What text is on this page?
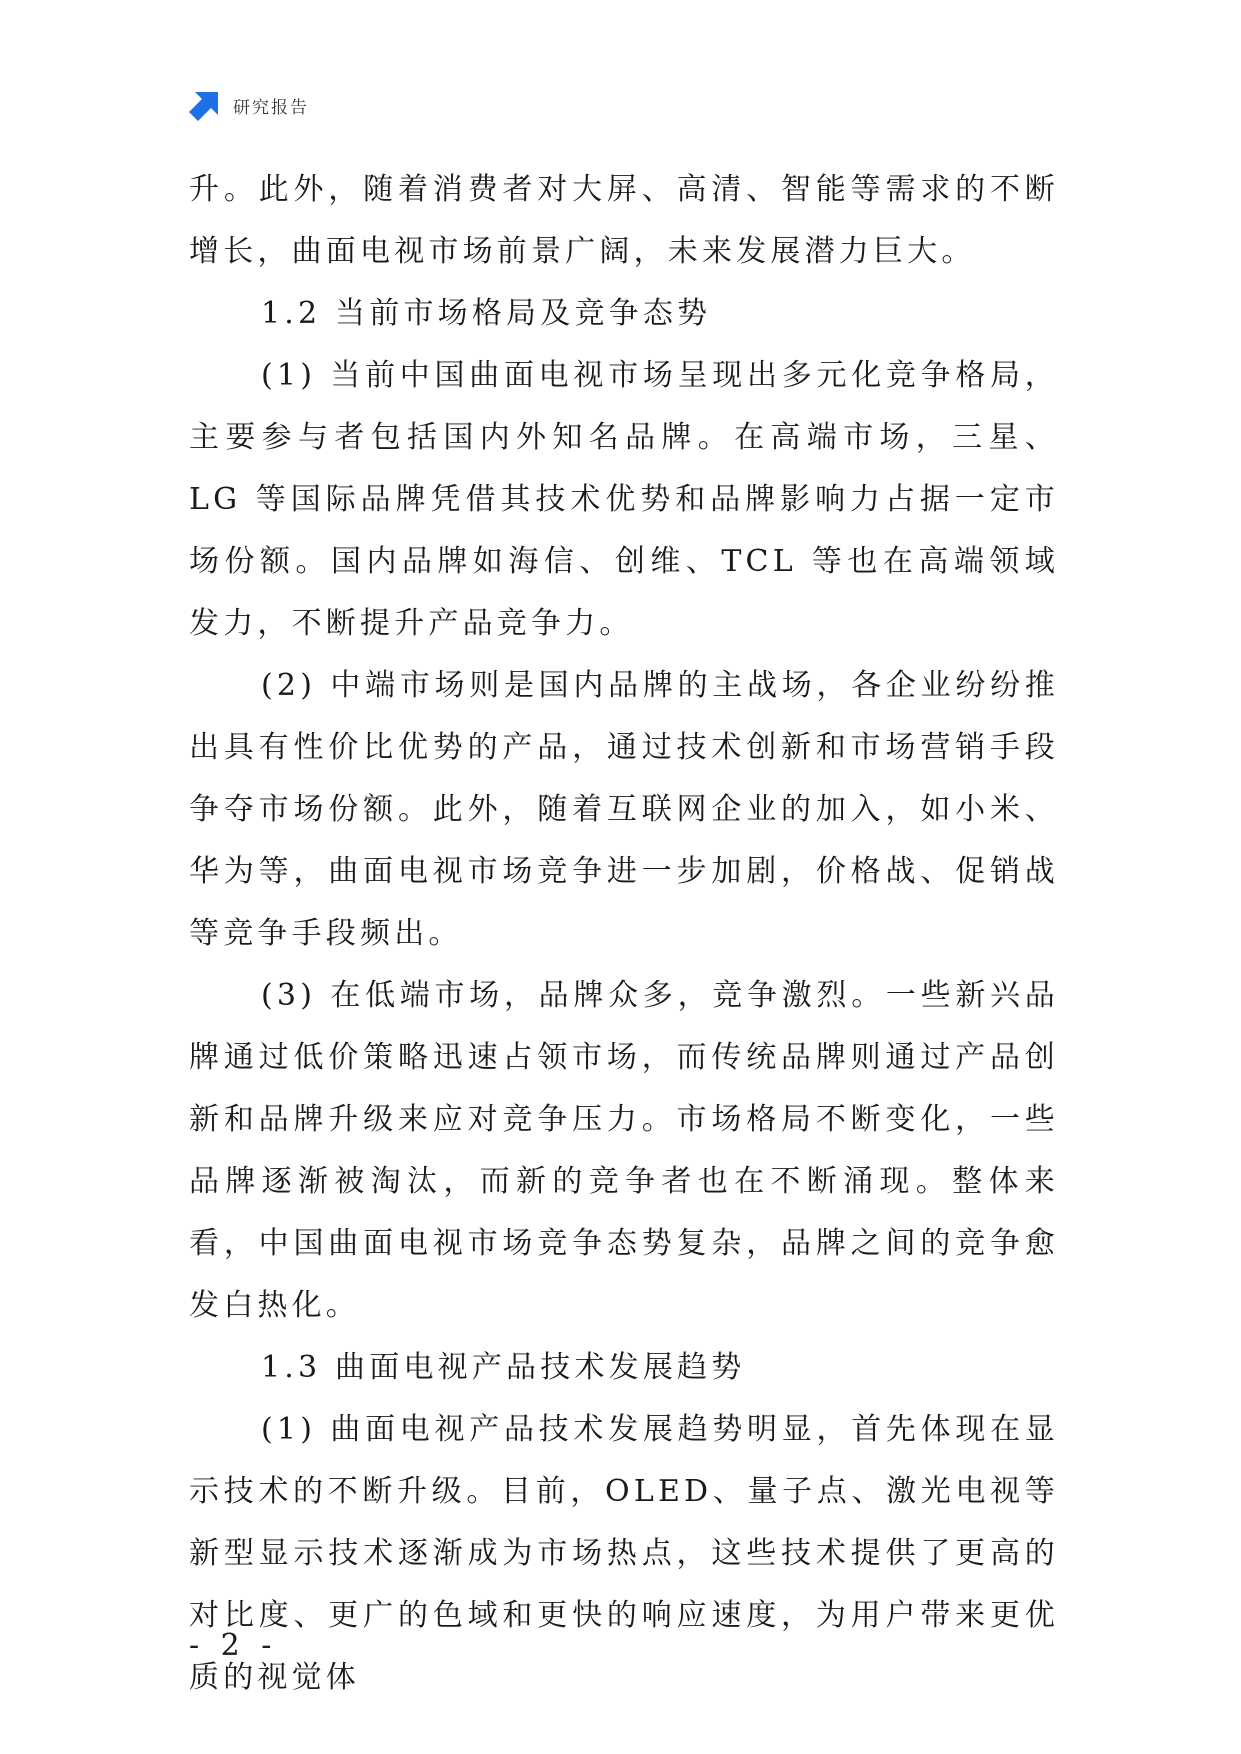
研究报告

升。此外，随着消费者对大屏、高清、智能等需求的不断增长，曲面电视市场前景广阔，未来发展潜力巨大。

1.2 当前市场格局及竞争态势

(1) 当前中国曲面电视市场呈现出多元化竞争格局，主要参与者包括国内外知名品牌。在高端市场，三星、LG 等国际品牌凭借其技术优势和品牌影响力占据一定市场份额。国内品牌如海信、创维、TCL 等也在高端领域发力，不断提升产品竞争力。

(2) 中端市场则是国内品牌的主战场，各企业纷纷推出具有性价比优势的产品，通过技术创新和市场营销手段争夺市场份额。此外，随着互联网企业的加入，如小米、华为等，曲面电视市场竞争进一步加剧，价格战、促销战等竞争手段频出。

(3) 在低端市场，品牌众多，竞争激烈。一些新兴品牌通过低价策略迅速占领市场，而传统品牌则通过产品创新和品牌升级来应对竞争压力。市场格局不断变化，一些品牌逐渐被淘汰，而新的竞争者也在不断涌现。整体来看，中国曲面电视市场竞争态势复杂，品牌之间的竞争愈发白热化。

1.3 曲面电视产品技术发展趋势

(1) 曲面电视产品技术发展趋势明显，首先体现在显示技术的不断升级。目前，OLED、量子点、激光电视等新型显示技术逐渐成为市场热点，这些技术提供了更高的对比度、更广的色域和更快的响应速度，为用户带来更优质的视觉体

- 2 -
